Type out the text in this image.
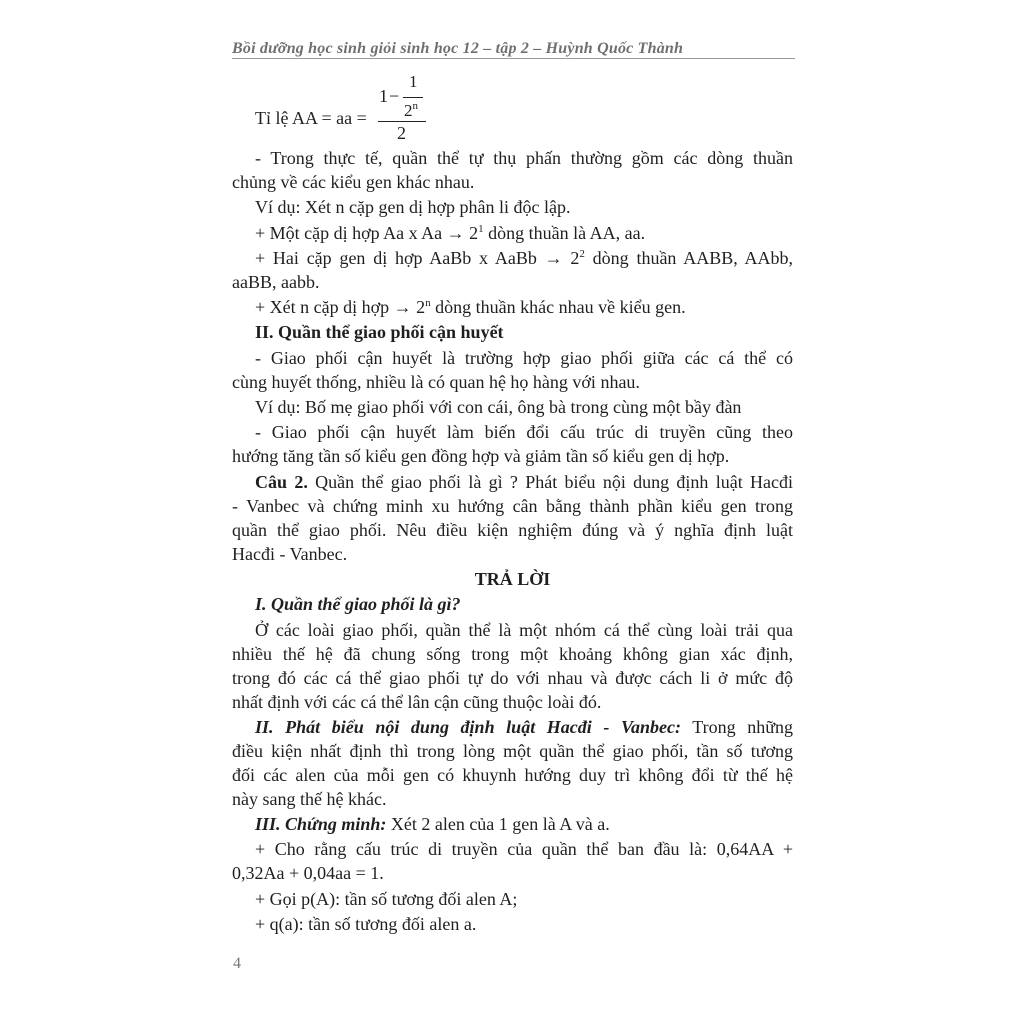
Bồi dưỡng học sinh giỏi sinh học 12 – tập 2 – Huỳnh Quốc Thành
Tỉ lệ AA = aa =
1 −
1
2$^n$
2
- Trong thực tế, quần thể tự thụ phấn thường gồm các dòng thuần
chủng về các kiểu gen khác nhau.
Ví dụ: Xét n cặp gen dị hợp phân li độc lập.
+ Một cặp dị hợp Aa x $Aa \to 2^1$ dòng thuần là AA, aa.
+ Hai cặp gen dị hợp AaBb x AaBb → $2^2$ dòng thuần AABB, AAbb,
aaBB, aabb.
+ Xét n cặp dị hợp → $2^n$ dòng thuần khác nhau về kiểu gen.
II. Quần thể giao phối cận huyết
- Giao phối cận huyết là trường hợp giao phối giữa các cá thể có
cùng huyết thống, nhiều là có quan hệ họ hàng với nhau.
Ví dụ: Bố mẹ giao phối với con cái, ông bà trong cùng một bầy đàn
- Giao phối cận huyết làm biến đổi cấu trúc di truyền cũng theo
hướng tăng tần số kiểu gen đồng hợp và giảm tần số kiểu gen dị hợp.
Câu 2. Quần thể giao phối là gì ? Phát biểu nội dung định luật Hacđi
- Vanbec và chứng minh xu hướng cân bằng thành phần kiểu gen trong
quần thể giao phối. Nêu điều kiện nghiệm đúng và ý nghĩa định luật
Hacđi - Vanbec.
TRẢ LỜI
I. Quần thể giao phối là gì?
Ở các loài giao phối, quần thể là một nhóm cá thể cùng loài trải qua
nhiều thế hệ đã chung sống trong một khoảng không gian xác định,
trong đó các cá thể giao phối tự do với nhau và được cách li ở mức độ
nhất định với các cá thể lân cận cũng thuộc loài đó.
II. Phát biểu nội dung định luật Hacđi - Vanbec: Trong những
điều kiện nhất định thì trong lòng một quần thể giao phối, tần số tương
đối các alen của mỗi gen có khuynh hướng duy trì không đổi từ thế hệ
này sang thế hệ khác.
III. Chứng minh: Xét 2 alen của 1 gen là A và a.
+ Cho rằng cấu trúc di truyền của quần thể ban đầu là: 0,64AA +
0,32Aa + 0,04aa = 1.
+ Gọi p(A): tần số tương đối alen A;
+ q(a): tần số tương đối alen a.
4
